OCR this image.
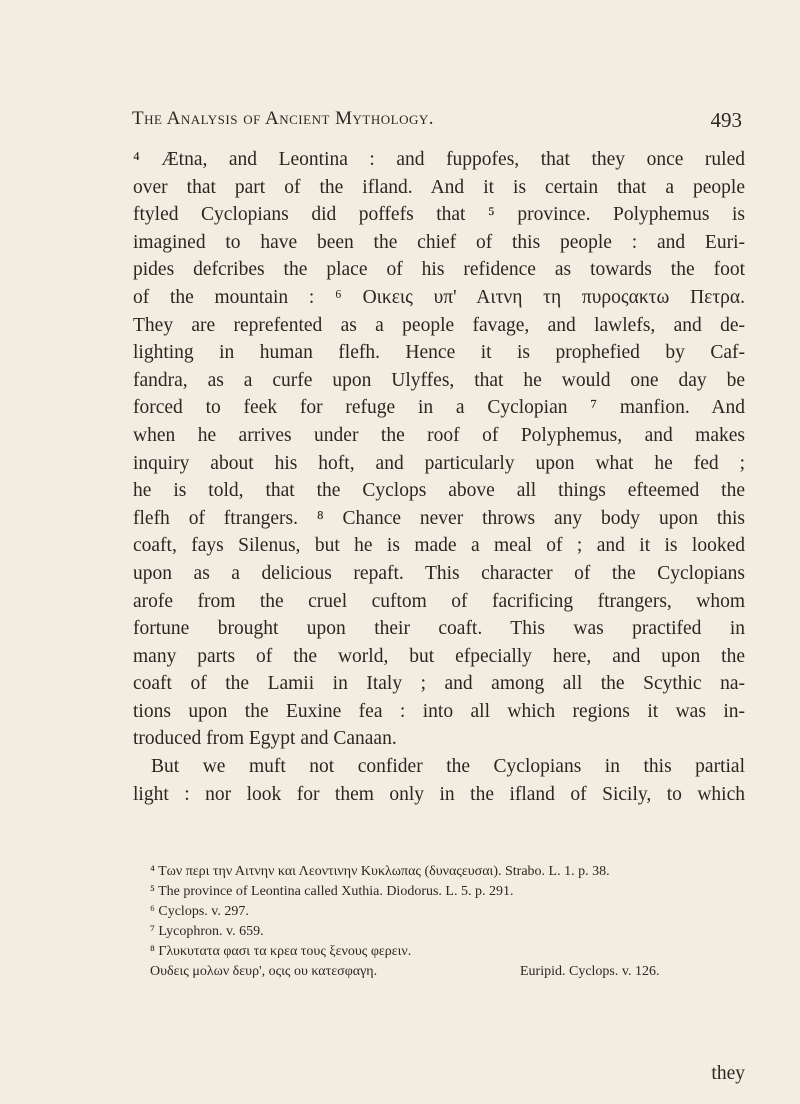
The Analysis of Ancient Mythology.	493

⁴ Ætna, and Leontina : and fuppofes, that they once ruled

over that part of the ifland. And it is certain that a people

ftyled Cyclopians did poffefs that ⁵ province. Polyphemus is

imagined to have been the chief of this people : and Euri-

pides defcribes the place of his refidence as towards the foot

of the mountain : ⁶ Οικεις υπ' Αιτνη τη πυροςακτω Πετρα.

They are reprefented as a people favage, and lawlefs, and de-

lighting in human flefh. Hence it is prophefied by Caf-

fandra, as a curfe upon Ulyffes, that he would one day be

forced to feek for refuge in a Cyclopian ⁷ manfion. And

when he arrives under the roof of Polyphemus, and makes

inquiry about his hoft, and particularly upon what he fed ;

he is told, that the Cyclops above all things efteemed the

flefh of ftrangers. ⁸ Chance never throws any body upon this

coaft, fays Silenus, but he is made a meal of ; and it is looked

upon as a delicious repaft. This character of the Cyclopians

arofe from the cruel cuftom of facrificing ftrangers, whom

fortune brought upon their coaft. This was practifed in

many parts of the world, but efpecially here, and upon the

coaft of the Lamii in Italy ; and among all the Scythic na-

tions upon the Euxine fea : into all which regions it was in-

troduced from Egypt and Canaan.

But we muft not confider the Cyclopians in this partial

light : nor look for them only in the ifland of Sicily, to which

⁴ Των περι την Αιτνην και Λεοντινην Κυκλωπας (δυναςευσαι). Strabo. L. 1. p. 38.
⁵ The province of Leontina called Xuthia. Diodorus. L. 5. p. 291.
⁶ Cyclops. v. 297.
⁷ Lycophron. v. 659.
⁸ Γλυκυτατα φασι τα κρεα τους ξενους φερειν.
Ουδεις μολων δευρ', οςις ου κατεσφαγη.	Euripid. Cyclops. v. 126.
they
